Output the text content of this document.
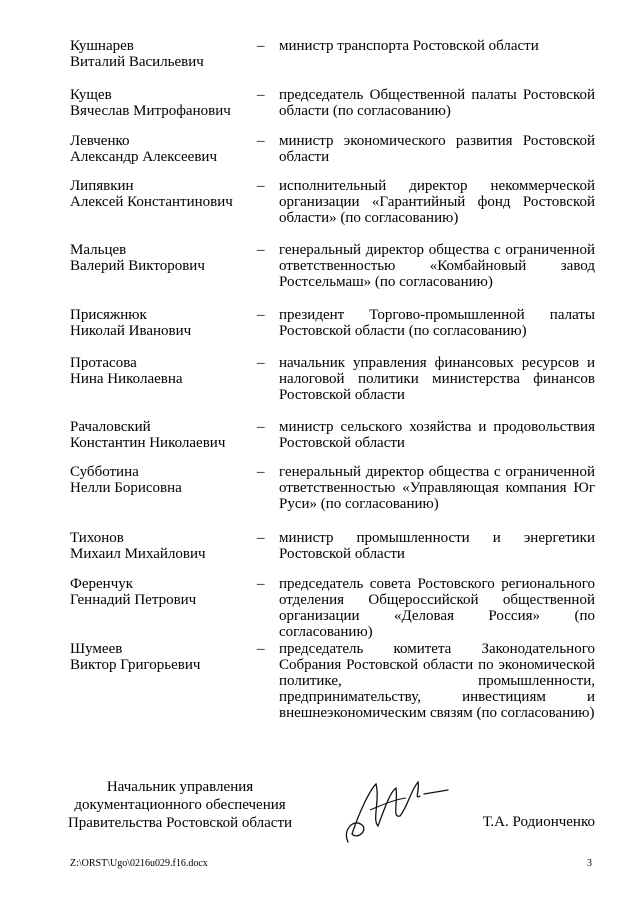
Кушнарев
Виталий Васильевич
– министр транспорта Ростовской области
Кущев
Вячеслав Митрофанович
– председатель Общественной палаты Ростовской области (по согласованию)
Левченко
Александр Алексеевич
– министр экономического развития Ростовской области
Липявкин
Алексей Константинович
– исполнительный директор некоммерческой организации «Гарантийный фонд Ростовской области» (по согласованию)
Мальцев
Валерий Викторович
– генеральный директор общества с ограниченной ответственностью «Комбайновый завод Ростсельмаш» (по согласованию)
Присяжнюк
Николай Иванович
– президент Торгово-промышленной палаты Ростовской области (по согласованию)
Протасова
Нина Николаевна
– начальник управления финансовых ресурсов и налоговой политики министерства финансов Ростовской области
Рачаловский
Константин Николаевич
– министр сельского хозяйства и продовольствия Ростовской области
Субботина
Нелли Борисовна
– генеральный директор общества с ограниченной ответственностью «Управляющая компания Юг Руси» (по согласованию)
Тихонов
Михаил Михайлович
– министр промышленности и энергетики Ростовской области
Ференчук
Геннадий Петрович
– председатель совета Ростовского регионального отделения Общероссийской общественной организации «Деловая Россия» (по согласованию)
Шумеев
Виктор Григорьевич
– председатель комитета Законодательного Собрания Ростовской области по экономической политике, промышленности, предпринимательству, инвестициям и внешнеэкономическим связям (по согласованию)
Начальник управления
документационного обеспечения
Правительства Ростовской области	Т.А. Родионченко
Z:\ORST\Ugo\0216u029.f16.docx	3
